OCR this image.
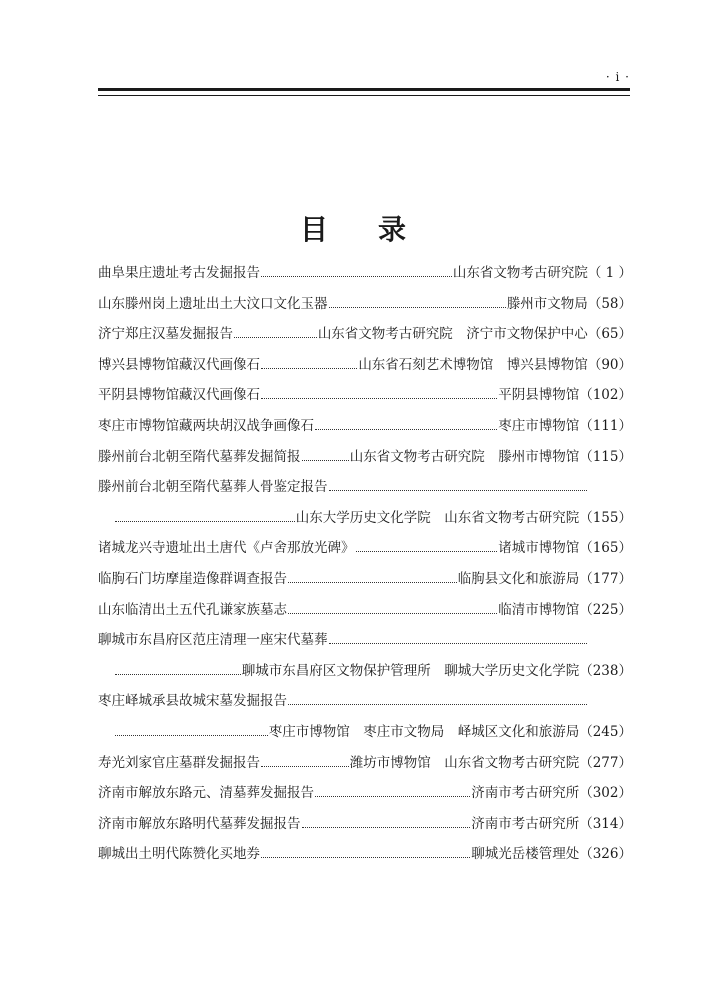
· i ·
目录
曲阜果庄遗址考古发掘报告	山东省文物考古研究院	（ 1 ）
山东滕州岗上遗址出土大汶口文化玉器	滕州市文物局	（ 58 ）
济宁郑庄汉墓发掘报告	山东省文物考古研究院　济宁市文物保护中心	（ 65 ）
博兴县博物馆藏汉代画像石	山东省石刻艺术博物馆　博兴县博物馆	（ 90 ）
平阴县博物馆藏汉代画像石	平阴县博物馆	（ 102 ）
枣庄市博物馆藏两块胡汉战争画像石	枣庄市博物馆	（ 111 ）
滕州前台北朝至隋代墓葬发掘简报	山东省文物考古研究院　滕州市博物馆	（ 115 ）
滕州前台北朝至隋代墓葬人骨鉴定报告
山东大学历史文化学院　山东省文物考古研究院	（ 155 ）
诸城龙兴寺遗址出土唐代《卢舍那放光碑》	诸城市博物馆	（ 165 ）
临朐石门坊摩崖造像群调查报告	临朐县文化和旅游局	（ 177 ）
山东临清出土五代孔谦家族墓志	临清市博物馆	（ 225 ）
聊城市东昌府区范庄清理一座宋代墓葬
聊城市东昌府区文物保护管理所　聊城大学历史文化学院	（ 238 ）
枣庄峄城承县故城宋墓发掘报告
枣庄市博物馆　枣庄市文物局　峄城区文化和旅游局	（ 245 ）
寿光刘家官庄墓群发掘报告	潍坊市博物馆　山东省文物考古研究院	（ 277 ）
济南市解放东路元、清墓葬发掘报告	济南市考古研究所	（ 302 ）
济南市解放东路明代墓葬发掘报告	济南市考古研究所	（ 314 ）
聊城出土明代陈赞化买地券	聊城光岳楼管理处	（ 326 ）
